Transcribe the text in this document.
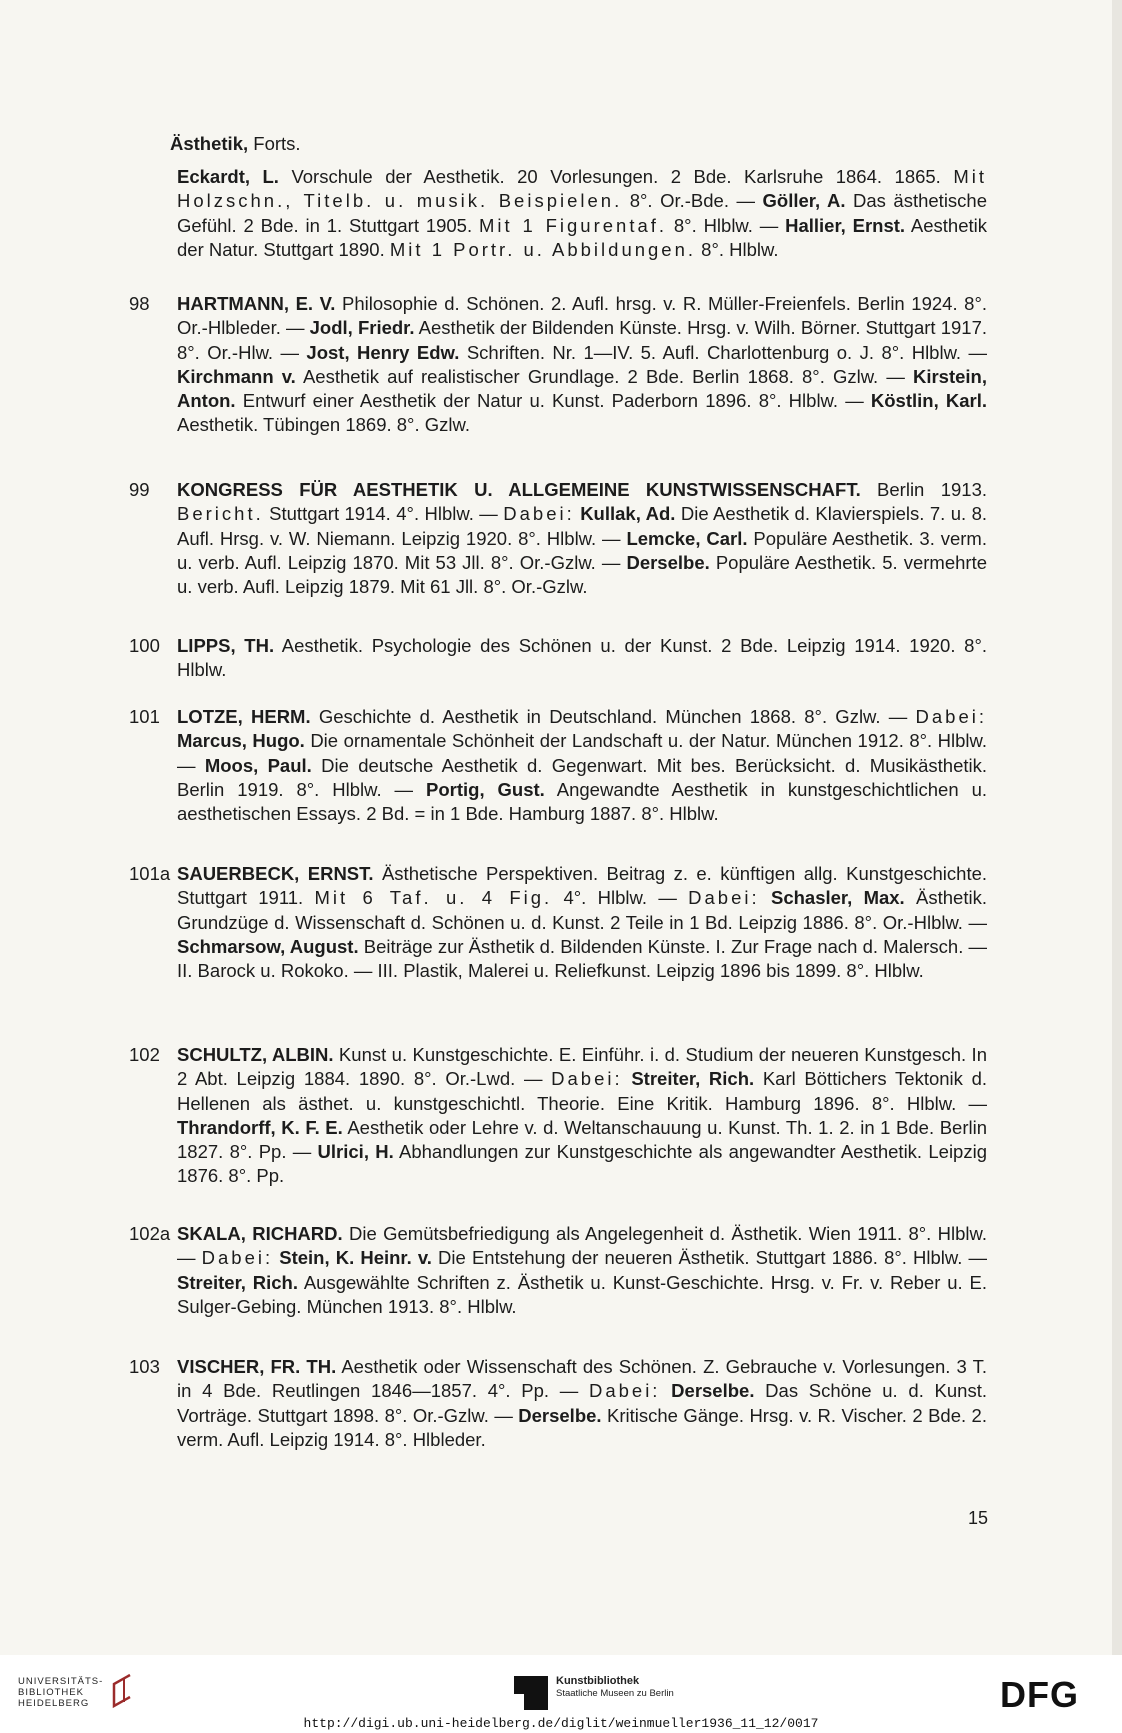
Ästhetik, Forts.
Eckardt, L. Vorschule der Aesthetik. 20 Vorlesungen. 2 Bde. Karlsruhe 1864. 1865. Mit Holzschn., Titelb. u. musik. Beispielen. 8°. Or.-Bde. — Göller, A. Das ästhetische Gefühl. 2 Bde. in 1. Stuttgart 1905. Mit 1 Figurentaf. 8°. Hlblw. — Hallier, Ernst. Aesthetik der Natur. Stuttgart 1890. Mit 1 Portr. u. Abbildungen. 8°. Hlblw.
98	HARTMANN, E. V. Philosophie d. Schönen. 2. Aufl. hrsg. v. R. Müller-Freienfels. Berlin 1924. 8°. Or.-Hlbleder. — Jodl, Friedr. Aesthetik der Bildenden Künste. Hrsg. v. Wilh. Börner. Stuttgart 1917. 8°. Or.-Hlw. — Jost, Henry Edw. Schriften. Nr. 1—IV. 5. Aufl. Charlottenburg o. J. 8°. Hlblw. — Kirchmann v. Aesthetik auf realistischer Grundlage. 2 Bde. Berlin 1868. 8°. Gzlw. — Kirstein, Anton. Entwurf einer Aesthetik der Natur u. Kunst. Paderborn 1896. 8°. Hlblw. — Köstlin, Karl. Aesthetik. Tübingen 1869. 8°. Gzlw.
99	KONGRESS FÜR AESTHETIK U. ALLGEMEINE KUNSTWISSENSCHAFT. Berlin 1913. Bericht. Stuttgart 1914. 4°. Hlblw. — Dabei: Kullak, Ad. Die Aesthetik d. Klavierspiels. 7. u. 8. Aufl. Hrsg. v. W. Niemann. Leipzig 1920. 8°. Hlblw. — Lemcke, Carl. Populäre Aesthetik. 3. verm. u. verb. Aufl. Leipzig 1870. Mit 53 Jll. 8°. Or.-Gzlw. — Derselbe. Populäre Aesthetik. 5. vermehrte u. verb. Aufl. Leipzig 1879. Mit 61 Jll. 8°. Or.-Gzlw.
100 LIPPS, TH. Aesthetik. Psychologie des Schönen u. der Kunst. 2 Bde. Leipzig 1914. 1920. 8°. Hlblw.
101 LOTZE, HERM. Geschichte d. Aesthetik in Deutschland. München 1868. 8°. Gzlw. — Dabei: Marcus, Hugo. Die ornamentale Schönheit der Landschaft u. der Natur. München 1912. 8°. Hlblw. — Moos, Paul. Die deutsche Aesthetik d. Gegenwart. Mit bes. Berücksicht. d. Musikästhetik. Berlin 1919. 8°. Hlblw. — Portig, Gust. Angewandte Aesthetik in kunstgeschichtlichen u. aesthetischen Essays. 2 Bd. = in 1 Bde. Hamburg 1887. 8°. Hlblw.
101a SAUERBECK, ERNST. Ästhetische Perspektiven. Beitrag z. e. künftigen allg. Kunstgeschichte. Stuttgart 1911. Mit 6 Taf. u. 4 Fig. 4°. Hlblw. — Dabei: Schasler, Max. Ästhetik. Grundzüge d. Wissenschaft d. Schönen u. d. Kunst. 2 Teile in 1 Bd. Leipzig 1886. 8°. Or.-Hlblw. — Schmarsow, August. Beiträge zur Ästhetik d. Bildenden Künste. I. Zur Frage nach d. Malersch. — II. Barock u. Rokoko. — III. Plastik, Malerei u. Reliefkunst. Leipzig 1896 bis 1899. 8°. Hlblw.
102 SCHULTZ, ALBIN. Kunst u. Kunstgeschichte. E. Einführ. i. d. Studium der neueren Kunstgesch. In 2 Abt. Leipzig 1884. 1890. 8°. Or.-Lwd. — Dabei: Streiter, Rich. Karl Böttichers Tektonik d. Hellenen als ästhet. u. kunstgeschichtl. Theorie. Eine Kritik. Hamburg 1896. 8°. Hlblw. — Thrandorff, K. F. E. Aesthetik oder Lehre v. d. Weltanschauung u. Kunst. Th. 1. 2. in 1 Bde. Berlin 1827. 8°. Pp. — Ulrici, H. Abhandlungen zur Kunstgeschichte als angewandter Aesthetik. Leipzig 1876. 8°. Pp.
102a SKALA, RICHARD. Die Gemütsbefriedigung als Angelegenheit d. Ästhetik. Wien 1911. 8°. Hlblw. — Dabei: Stein, K. Heinr. v. Die Entstehung der neueren Ästhetik. Stuttgart 1886. 8°. Hlblw. — Streiter, Rich. Ausgewählte Schriften z. Ästhetik u. Kunst-Geschichte. Hrsg. v. Fr. v. Reber u. E. Sulger-Gebing. München 1913. 8°. Hlblw.
103 VISCHER, FR. TH. Aesthetik oder Wissenschaft des Schönen. Z. Gebrauche v. Vorlesungen. 3 T. in 4 Bde. Reutlingen 1846—1857. 4°. Pp. — Dabei: Derselbe. Das Schöne u. d. Kunst. Vorträge. Stuttgart 1898. 8°. Or.-Gzlw. — Derselbe. Kritische Gänge. Hrsg. v. R. Vischer. 2 Bde. 2. verm. Aufl. Leipzig 1914. 8°. Hlbleder.
15
UNIVERSITÄTS-
BIBLIOTHEK
HEIDELBERG
Kunstbibliothek
Staatliche Museen zu Berlin	DFG
http://digi.ub.uni-heidelberg.de/diglit/weinmueller1936_11_12/0017
